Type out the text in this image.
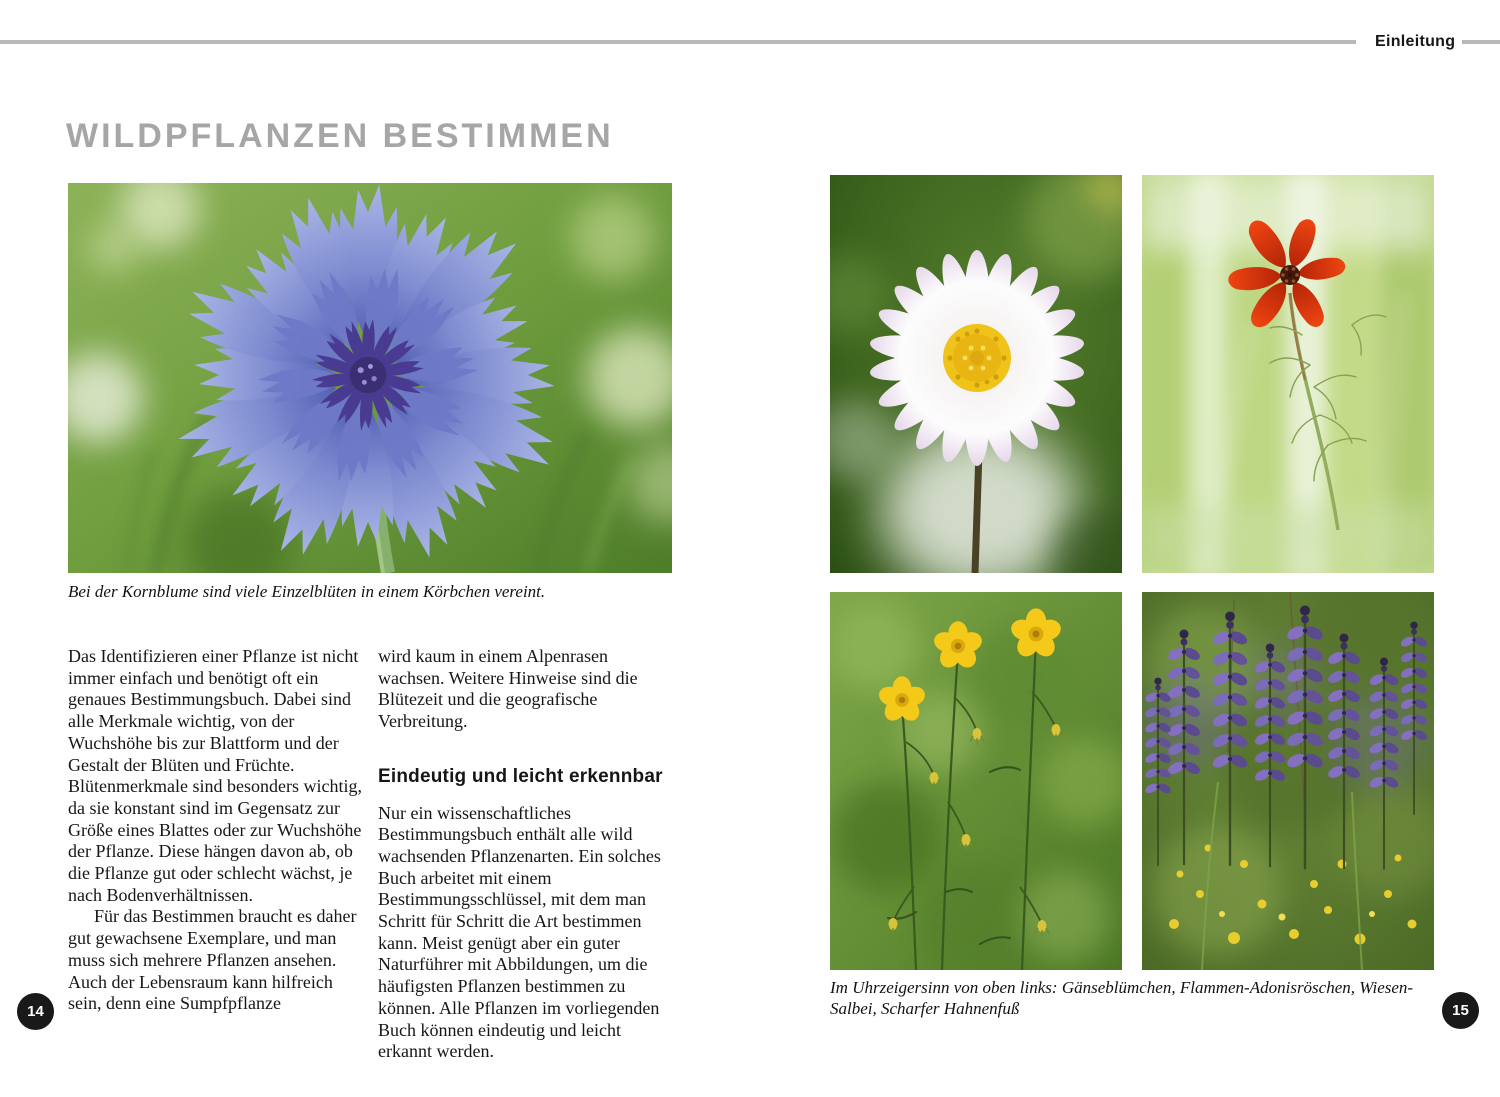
Einleitung
WILDPFLANZEN BESTIMMEN
Bei der Kornblume sind viele Einzelblüten in einem Körbchen vereint.

Das Identifizieren einer Pflanze ist nicht immer einfach und benötigt oft ein genaues Bestimmungsbuch. Dabei sind alle Merkmale wichtig, von der Wuchshöhe bis zur Blattform und der Gestalt der Blüten und Früchte. Blütenmerkmale sind besonders wichtig, da sie konstant sind im Gegensatz zur Größe eines Blattes oder zur Wuchshöhe der Pflanze. Diese hängen davon ab, ob die Pflanze gut oder schlecht wächst, je nach Bodenverhältnissen.

Für das Bestimmen braucht es daher gut gewachsene Exemplare, und man muss sich mehrere Pflanzen ansehen. Auch der Lebensraum kann hilfreich sein, denn eine Sumpfpflanze

wird kaum in einem Alpenrasen wachsen. Weitere Hinweise sind die Blütezeit und die geografische Verbreitung.

Eindeutig und leicht erkennbar

Nur ein wissenschaftliches Bestimmungsbuch enthält alle wild wachsenden Pflanzenarten. Ein solches Buch arbeitet mit einem Bestimmungsschlüssel, mit dem man Schritt für Schritt die Art bestimmen kann. Meist genügt aber ein guter Naturführer mit Abbildungen, um die häufigsten Pflanzen bestimmen zu können. Alle Pflanzen im vorliegenden Buch können eindeutig und leicht erkannt werden.

Im Uhrzeigersinn von oben links: Gänseblümchen, Flammen-Adonisröschen, Wiesen-Salbei, Scharfer Hahnenfuß
14	15
